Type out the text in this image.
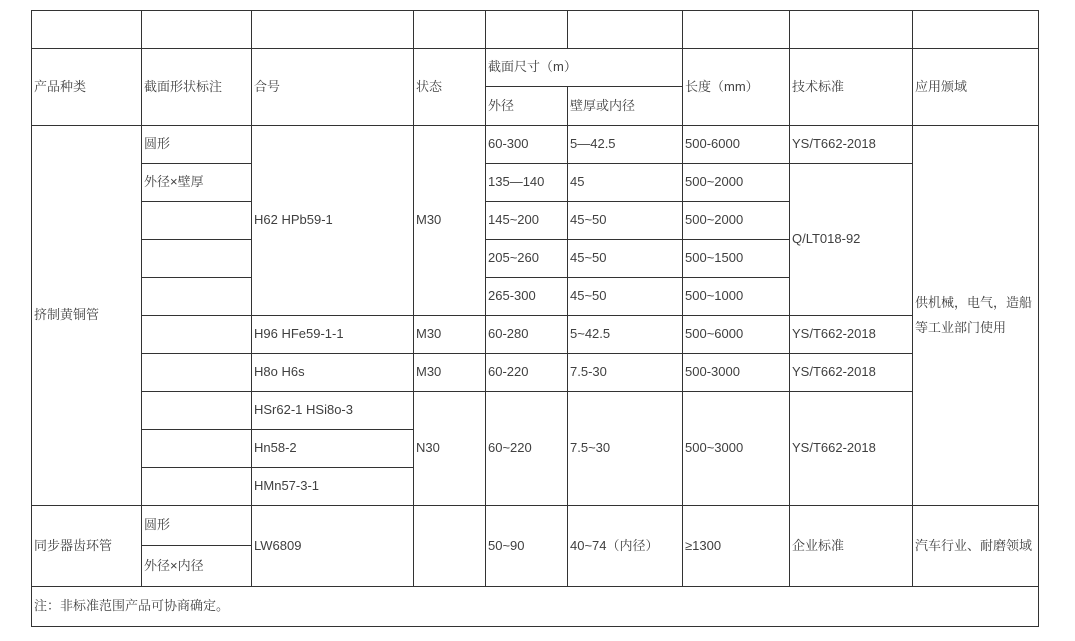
产品种类	截面形状标注	合号	状态	截面尺寸（m）		长度（mm）	技术标准	应用颁域
				外径	壁厚或内径			
挤制黄铜管	圆形	H62 HPb59-1	M30	60-300	5—42.5	500-6000	YS/T662-2018	供机械，电气，造船等工业部门使用
	外径×壁厚			135—140	45	500~2000	Q/LT018-92	
				145~200	45~50	500~2000		
				205~260	45~50	500~1500		
				265-300	45~50	500~1000		
		H96 HFe59-1-1	M30	60-280	5~42.5	500~6000	YS/T662-2018	
		H8o H6s	M30	60-220	7.5-30	500-3000	YS/T662-2018	
		HSr62-1 HSi8o-3	N30	60~220	7.5~30	500~3000	YS/T662-2018	
		Hn58-2						
		HMn57-3-1						
同步器齿环管	圆形	LW6809		50~90	40~74（内径）	≥1300	企业标准	汽车行业、耐磨领域
	外径×内径							
注：非标准范围产品可协商确定。								
